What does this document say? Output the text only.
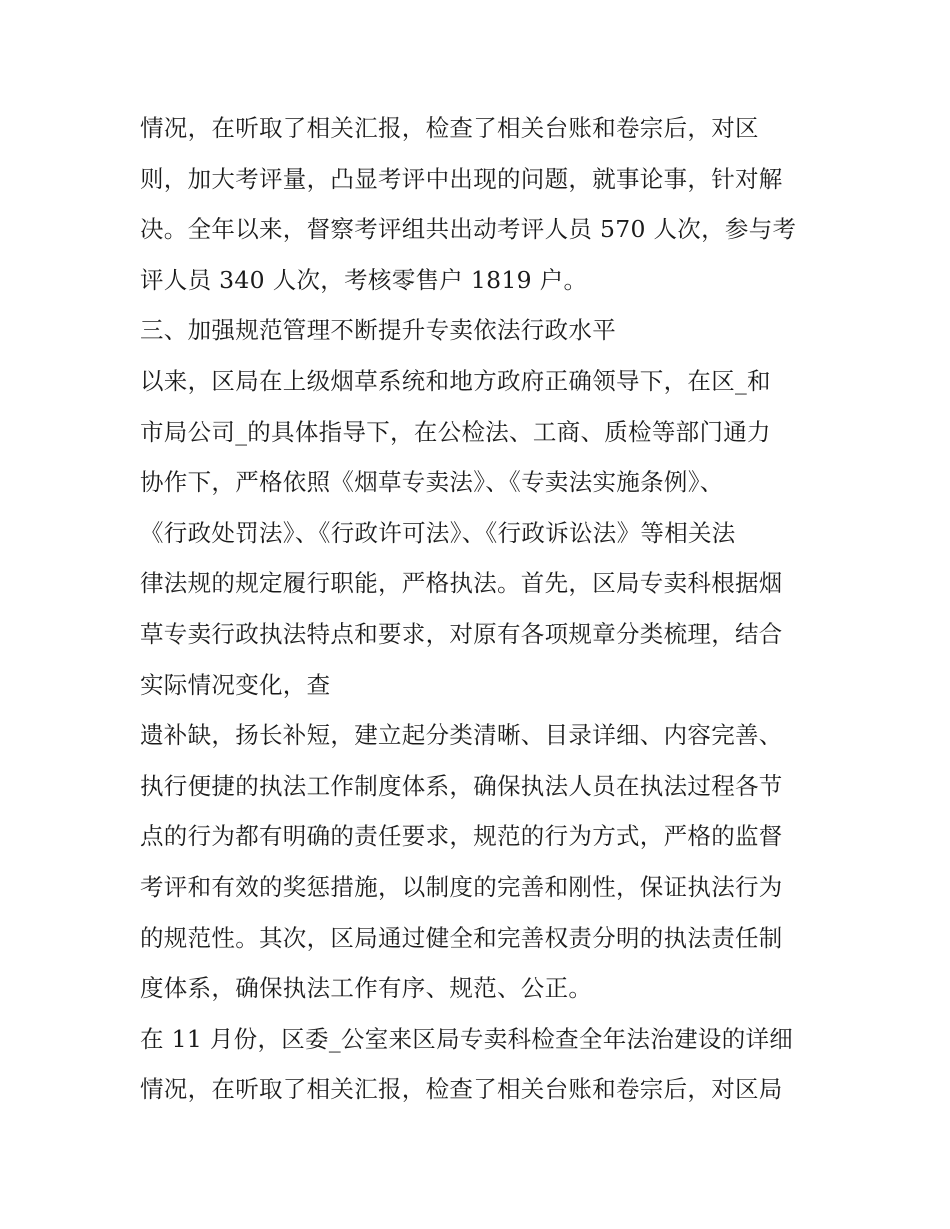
情况，在听取了相关汇报，检查了相关台账和卷宗后，对区
则，加大考评量，凸显考评中出现的问题，就事论事，针对解
决。全年以来，督察考评组共出动考评人员 570 人次，参与考
评人员 340 人次，考核零售户 1819 户。
三、加强规范管理不断提升专卖依法行政水平
以来，区局在上级烟草系统和地方政府正确领导下，在区_和
市局公司_的具体指导下，在公检法、工商、质检等部门通力
协作下，严格依照《烟草专卖法》、《专卖法实施条例》、
《行政处罚法》、《行政许可法》、《行政诉讼法》等相关法
律法规的规定履行职能，严格执法。首先，区局专卖科根据烟
草专卖行政执法特点和要求，对原有各项规章分类梳理，结合
实际情况变化，查
遗补缺，扬长补短，建立起分类清晰、目录详细、内容完善、
执行便捷的执法工作制度体系，确保执法人员在执法过程各节
点的行为都有明确的责任要求，规范的行为方式，严格的监督
考评和有效的奖惩措施，以制度的完善和刚性，保证执法行为
的规范性。其次，区局通过健全和完善权责分明的执法责任制
度体系，确保执法工作有序、规范、公正。
在 11 月份，区委_公室来区局专卖科检查全年法治建设的详细
情况，在听取了相关汇报，检查了相关台账和卷宗后，对区局
